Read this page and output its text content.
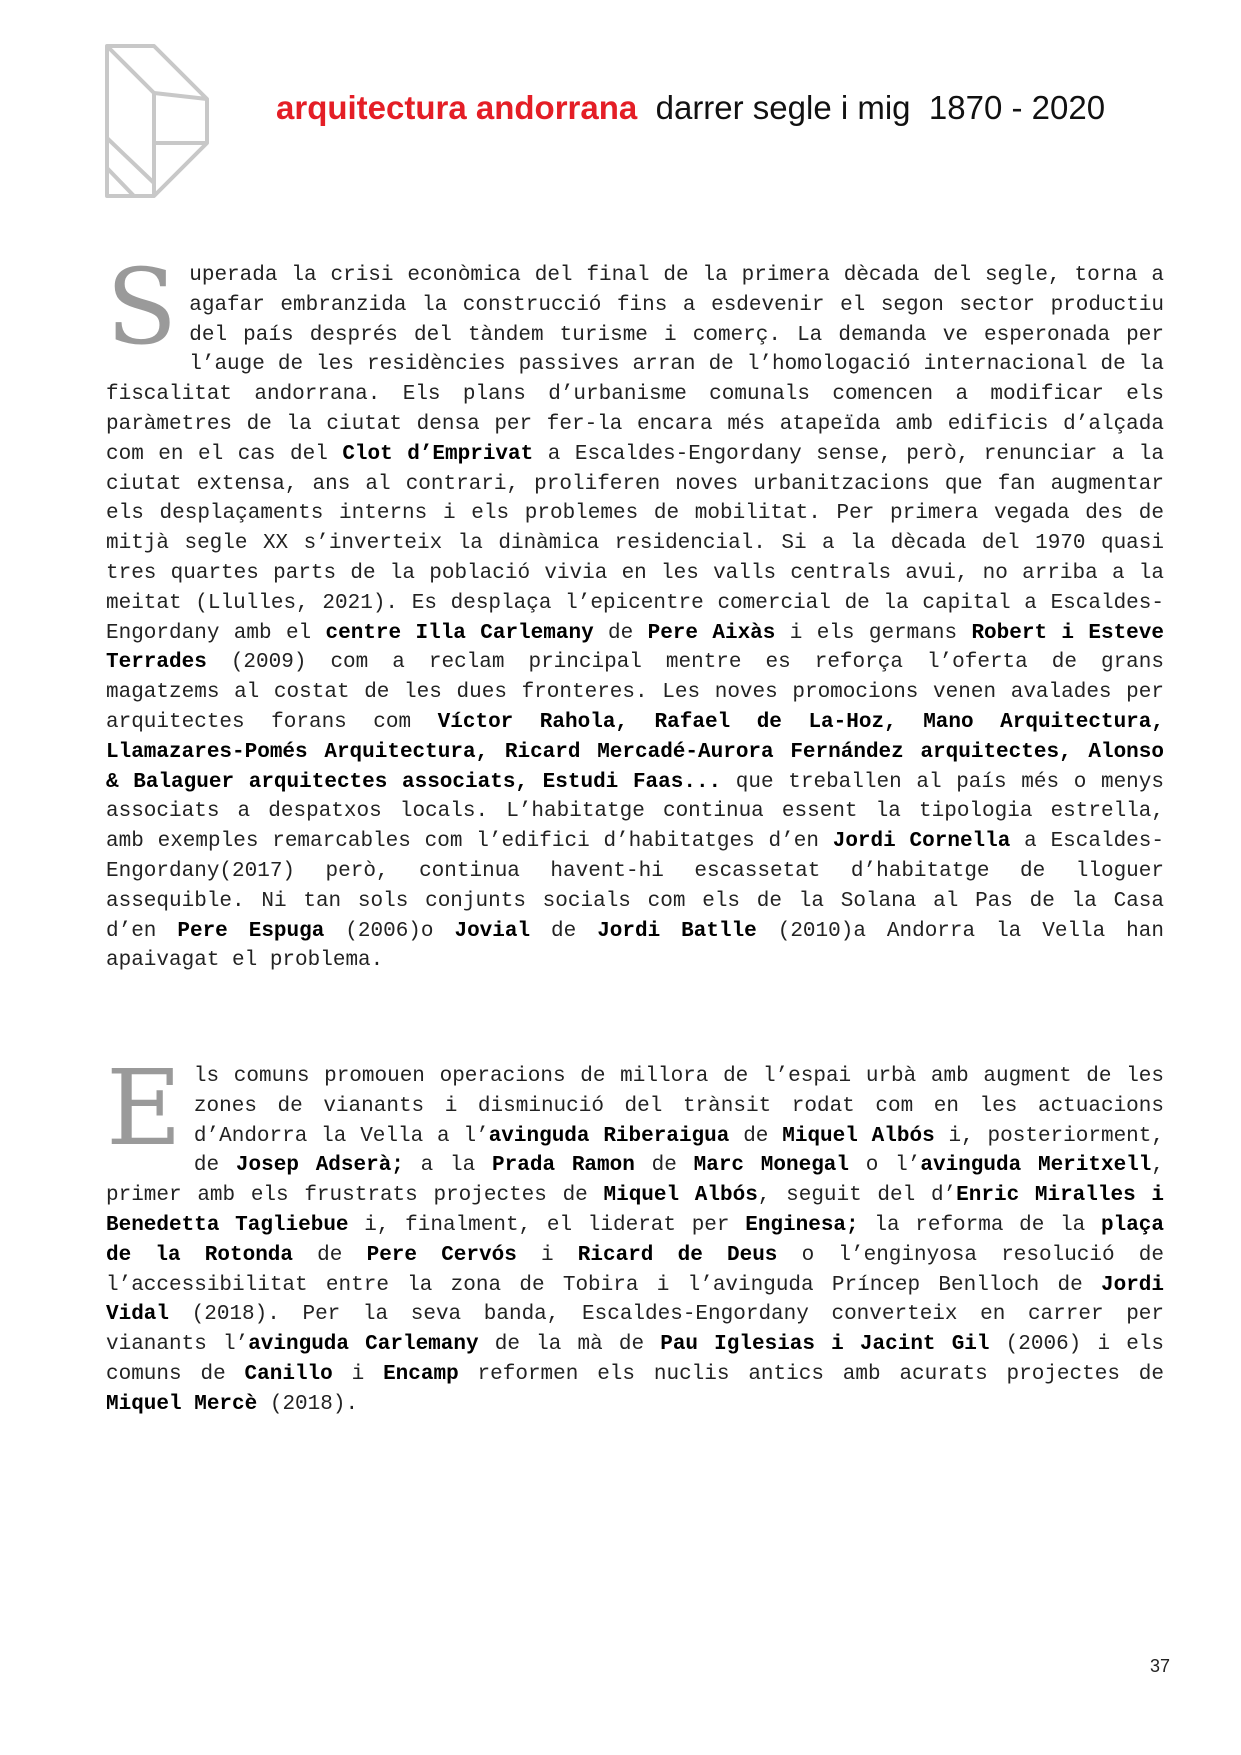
arquitectura andorrana darrer segle i mig 1870 - 2020
S uperada la crisi econòmica del final de la primera dècada del segle, torna a agafar embranzida la construcció fins a esdevenir el segon sector productiu del país després del tàndem turisme i comerç. La demanda ve esperonada per l’auge de les residències passives arran de l’homologació internacional de la fiscalitat andorrana. Els plans d’urbanisme comunals comencen a modificar els paràmetres de la ciutat densa per fer-la encara més atapeïda amb edificis d’alçada com en el cas del Clot d’Emprivat a Escaldes-Engordany sense, però, renunciar a la ciutat extensa, ans al contrari, proliferen noves urbanitzacions que fan augmentar els desplaçaments interns i els problemes de mobilitat. Per primera vegada des de mitjà segle XX s’inverteix la dinàmica residencial. Si a la dècada del 1970 quasi tres quartes parts de la població vivia en les valls centrals avui, no arriba a la meitat (Llulles, 2021). Es desplaça l’epicentre comercial de la capital a Escaldes-Engordany amb el centre Illa Carlemany de Pere Aixàs i els germans Robert i Esteve Terrades (2009) com a reclam principal mentre es reforça l’oferta de grans magatzems al costat de les dues fronteres. Les noves promocions venen avalades per arquitectes forans com Víctor Rahola, Rafael de La-Hoz, Mano Arquitectura, Llamazares-Pomés Arquitectura, Ricard Mercadé-Aurora Fernández arquitectes, Alonso & Balaguer arquitectes associats, Estudi Faas... que treballen al país més o menys associats a despatxos locals. L’habitatge continua essent la tipologia estrella, amb exemples remarcables com l’edifici d’habitatges d’en Jordi Cornella a Escaldes-Engordany(2017) però, continua havent-hi escassetat d’habitatge de lloguer assequible. Ni tan sols conjunts socials com els de la Solana al Pas de la Casa d’en Pere Espuga (2006)o Jovial de Jordi Batlle (2010)a Andorra la Vella han apaivagat el problema.
E ls comuns promouen operacions de millora de l’espai urbà amb augment de les zones de vianants i disminució del trànsit rodat com en les actuacions d’Andorra la Vella a l’avinguda Riberaigua de Miquel Albós i, posteriorment, de Josep Adserà; a la Prada Ramon de Marc Monegal o l’avinguda Meritxell, primer amb els frustrats projectes de Miquel Albós, seguit del d’Enric Miralles i Benedetta Tagliebue i, finalment, el liderat per Enginesa; la reforma de la plaça de la Rotonda de Pere Cervós i Ricard de Deus o l’enginyosa resolució de l’accessibilitat entre la zona de Tobira i l’avinguda Príncep Benlloch de Jordi Vidal (2018). Per la seva banda, Escaldes-Engordany converteix en carrer per vianants l’avinguda Carlemany de la mà de Pau Iglesias i Jacint Gil (2006) i els comuns de Canillo i Encamp reformen els nuclis antics amb acurats projectes de Miquel Mercè (2018).
37
